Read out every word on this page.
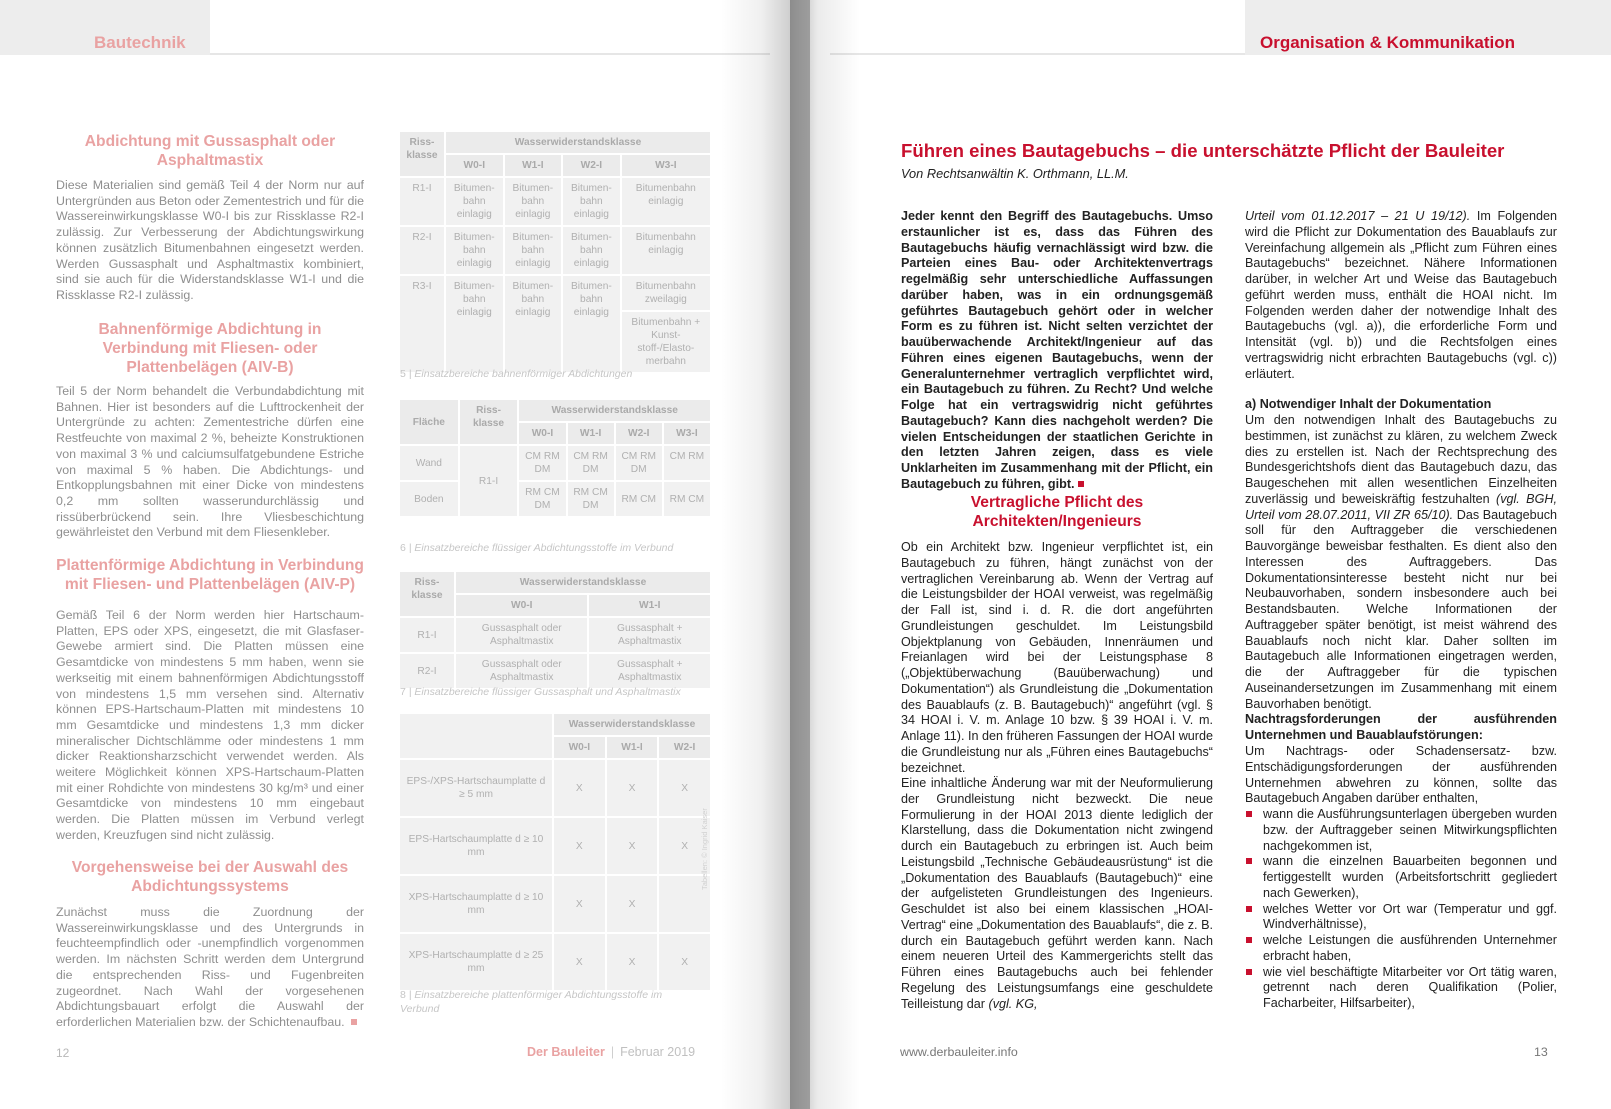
Bautechnik
Abdichtung mit Gussasphalt oder Asphaltmastix
Diese Materialien sind gemäß Teil 4 der Norm nur auf Untergründen aus Beton oder Zementestrich und für die Wassereinwirkungsklasse W0-I bis zur Rissklasse R2-I zulässig. Zur Verbesserung der Abdichtungswirkung können zusätzlich Bitumenbahnen eingesetzt werden. Werden Gussasphalt und Asphaltmastix kombiniert, sind sie auch für die Widerstandsklasse W1-I und die Rissklasse R2-I zulässig.
Bahnenförmige Abdichtung in Verbindung mit Fliesen- oder Plattenbelägen (AIV-B)
Teil 5 der Norm behandelt die Verbundabdichtung mit Bahnen. Hier ist besonders auf die Lufttrockenheit der Untergründe zu achten: Zementestriche dürfen eine Restfeuchte von maximal 2 %, beheizte Konstruktionen von maximal 3 % und calciumsulfatgebundene Estriche von maximal 5 % haben. Die Abdichtungs- und Entkopplungsbahnen mit einer Dicke von mindestens 0,2 mm sollten wasserundurchlässig und rissüberbrückend sein. Ihre Vliesbeschichtung gewährleistet den Verbund mit dem Fliesenkleber.
Plattenförmige Abdichtung in Verbindung mit Fliesen- und Plattenbelägen (AIV-P)
Gemäß Teil 6 der Norm werden hier Hartschaum-Platten, EPS oder XPS, eingesetzt, die mit Glasfaser-Gewebe armiert sind. Die Platten müssen eine Gesamtdicke von mindestens 5 mm haben, wenn sie werkseitig mit einem bahnenförmigen Abdichtungsstoff von mindestens 1,5 mm versehen sind. Alternativ können EPS-Hartschaum-Platten mit mindestens 10 mm Gesamtdicke und mindestens 1,3 mm dicker mineralischer Dichtschlämme oder mindestens 1 mm dicker Reaktionsharzschicht verwendet werden. Als weitere Möglichkeit können XPS-Hartschaum-Platten mit einer Rohdichte von mindestens 30 kg/m³ und einer Gesamtdicke von mindestens 10 mm eingebaut werden. Die Platten müssen im Verbund verlegt werden, Kreuzfugen sind nicht zulässig.
Vorgehensweise bei der Auswahl des Abdichtungssystems
Zunächst muss die Zuordnung der Wassereinwirkungsklasse und des Untergrunds in feuchteempfindlich oder -unempfindlich vorgenommen werden. Im nächsten Schritt werden dem Untergrund die entsprechenden Riss- und Fugenbreiten zugeordnet. Nach Wahl der vorgesehenen Abdichtungsbauart erfolgt die Auswahl der erforderlichen Materialien bzw. der Schichtenaufbau.
Riss-klasse	Wasserwiderstandsklasse			
	W0-I	W1-I	W2-I	W3-I
R1-I	Bitumen-bahn einlagig	Bitumen-bahn einlagig	Bitumen-bahn einlagig	Bitumenbahn einlagig
R2-I	Bitumen-bahn einlagig	Bitumen-bahn einlagig	Bitumen-bahn einlagig	Bitumenbahn einlagig
R3-I	Bitumen-bahn einlagig	Bitumen-bahn einlagig	Bitumen-bahn einlagig	Bitumenbahn zweilagig
				Bitumenbahn + Kunst-stoff-/Elasto-merbahn
5 | Einsatzbereiche bahnenförmiger Abdichtungen
Fläche	Riss-klasse	Wasserwiderstandsklasse			
		W0-I	W1-I	W2-I	W3-I
Wand	R1-I	CM RM DM	CM RM DM	CM RM DM	CM RM
Boden		RM CM DM	RM CM DM	RM CM	RM CM
6 | Einsatzbereiche flüssiger Abdichtungsstoffe im Verbund
Riss-klasse	Wasserwiderstandsklasse	
	W0-I	W1-I
R1-I	Gussasphalt oder Asphaltmastix	Gussasphalt + Asphaltmastix
R2-I	Gussasphalt oder Asphaltmastix	Gussasphalt + Asphaltmastix
7 | Einsatzbereiche flüssiger Gussasphalt und Asphaltmastix
	Wasserwiderstandsklasse		
	W0-I	W1-I	W2-I
EPS-/XPS-Hartschaumplatte d ≥ 5 mm	X	X	X
EPS-Hartschaumplatte d ≥ 10 mm	X	X	X
XPS-Hartschaumplatte d ≥ 10 mm	X	X	
XPS-Hartschaumplatte d ≥ 25 mm	X	X	X
8 | Einsatzbereiche plattenförmiger Abdichtungsstoffe im Verbund
Tabellen: © Ingrid Kaiser
12	Der Bauleiter | Februar 2019
Organisation & Kommunikation
Führen eines Bautagebuchs – die unterschätzte Pflicht der Bauleiter
Von Rechtsanwältin K. Orthmann, LL.M.
Jeder kennt den Begriff des Bautagebuchs. Umso erstaunlicher ist es, dass das Führen des Bautagebuchs häufig vernachlässigt wird bzw. die Parteien eines Bau- oder Architektenvertrags regelmäßig sehr unterschiedliche Auffassungen darüber haben, was in ein ordnungsgemäß geführtes Bautagebuch gehört oder in welcher Form es zu führen ist. Nicht selten verzichtet der bauüberwachende Architekt/Ingenieur auf das Führen eines eigenen Bautagebuchs, wenn der Generalunternehmer vertraglich verpflichtet wird, ein Bautagebuch zu führen. Zu Recht? Und welche Folge hat ein vertragswidrig nicht geführtes Bautagebuch? Kann dies nachgeholt werden? Die vielen Entscheidungen der staatlichen Gerichte in den letzten Jahren zeigen, dass es viele Unklarheiten im Zusammenhang mit der Pflicht, ein Bautagebuch zu führen, gibt.
Vertragliche Pflicht des Architekten/Ingenieurs
Ob ein Architekt bzw. Ingenieur verpflichtet ist, ein Bautagebuch zu führen, hängt zunächst von der vertraglichen Vereinbarung ab. Wenn der Vertrag auf die Leistungsbilder der HOAI verweist, was regelmäßig der Fall ist, sind i. d. R. die dort angeführten Grundleistungen geschuldet. Im Leistungsbild Objektplanung von Gebäuden, Innenräumen und Freianlagen wird bei der Leistungsphase 8 („Objektüberwachung (Bauüberwachung) und Dokumentation“) als Grundleistung die „Dokumentation des Bauablaufs (z. B. Bautagebuch)“ angeführt (vgl. § 34 HOAI i. V. m. Anlage 10 bzw. § 39 HOAI i. V. m. Anlage 11). In den früheren Fassungen der HOAI wurde die Grundleistung nur als „Führen eines Bautagebuchs“ bezeichnet.
Eine inhaltliche Änderung war mit der Neuformulierung der Grundleistung nicht bezweckt. Die neue Formulierung in der HOAI 2013 diente lediglich der Klarstellung, dass die Dokumentation nicht zwingend durch ein Bautagebuch zu erbringen ist. Auch beim Leistungsbild „Technische Gebäudeausrüstung“ ist die „Dokumentation des Bauablaufs (Bautagebuch)“ eine der aufgelisteten Grundleistungen des Ingenieurs. Geschuldet ist also bei einem klassischen „HOAI-Vertrag“ eine „Dokumentation des Bauablaufs“, die z. B. durch ein Bautagebuch geführt werden kann. Nach einem neueren Urteil des Kammergerichts stellt das Führen eines Bautagebuchs auch bei fehlender Regelung des Leistungsumfangs eine geschuldete Teilleistung dar (vgl. KG,
Urteil vom 01.12.2017 – 21 U 19/12). Im Folgenden wird die Pflicht zur Dokumentation des Bauablaufs zur Vereinfachung allgemein als „Pflicht zum Führen eines Bautagebuchs“ bezeichnet. Nähere Informationen darüber, in welcher Art und Weise das Bautagebuch geführt werden muss, enthält die HOAI nicht. Im Folgenden werden daher der notwendige Inhalt des Bautagebuchs (vgl. a)), die erforderliche Form und Intensität (vgl. b)) und die Rechtsfolgen eines vertragswidrig nicht erbrachten Bautagebuchs (vgl. c)) erläutert.
a) Notwendiger Inhalt der Dokumentation
Um den notwendigen Inhalt des Bautagebuchs zu bestimmen, ist zunächst zu klären, zu welchem Zweck dies zu erstellen ist. Nach der Rechtsprechung des Bundesgerichtshofs dient das Bautagebuch dazu, das Baugeschehen mit allen wesentlichen Einzelheiten zuverlässig und beweiskräftig festzuhalten (vgl. BGH, Urteil vom 28.07.2011, VII ZR 65/10). Das Bautagebuch soll für den Auftraggeber die verschiedenen Bauvorgänge beweisbar festhalten. Es dient also den Interessen des Auftraggebers. Das Dokumentationsinteresse besteht nicht nur bei Neubauvorhaben, sondern insbesondere auch bei Bestandsbauten. Welche Informationen der Auftraggeber später benötigt, ist meist während des Bauablaufs noch nicht klar. Daher sollten im Bautagebuch alle Informationen eingetragen werden, die der Auftraggeber für die typischen Auseinandersetzungen im Zusammenhang mit einem Bauvorhaben benötigt.
Nachtragsforderungen der ausführenden Unternehmen und Bauablaufstörungen:
Um Nachtrags- oder Schadensersatz- bzw. Entschädigungsforderungen der ausführenden Unternehmen abwehren zu können, sollte das Bautagebuch Angaben darüber enthalten,
wann die Ausführungsunterlagen übergeben wurden bzw. der Auftraggeber seinen Mitwirkungspflichten nachgekommen ist,
wann die einzelnen Bauarbeiten begonnen und fertiggestellt wurden (Arbeitsfortschritt gegliedert nach Gewerken),
welches Wetter vor Ort war (Temperatur und ggf. Windverhältnisse),
welche Leistungen die ausführenden Unternehmer erbracht haben,
wie viel beschäftigte Mitarbeiter vor Ort tätig waren, getrennt nach deren Qualifikation (Polier, Facharbeiter, Hilfsarbeiter),
www.derbauleiter.info	13
